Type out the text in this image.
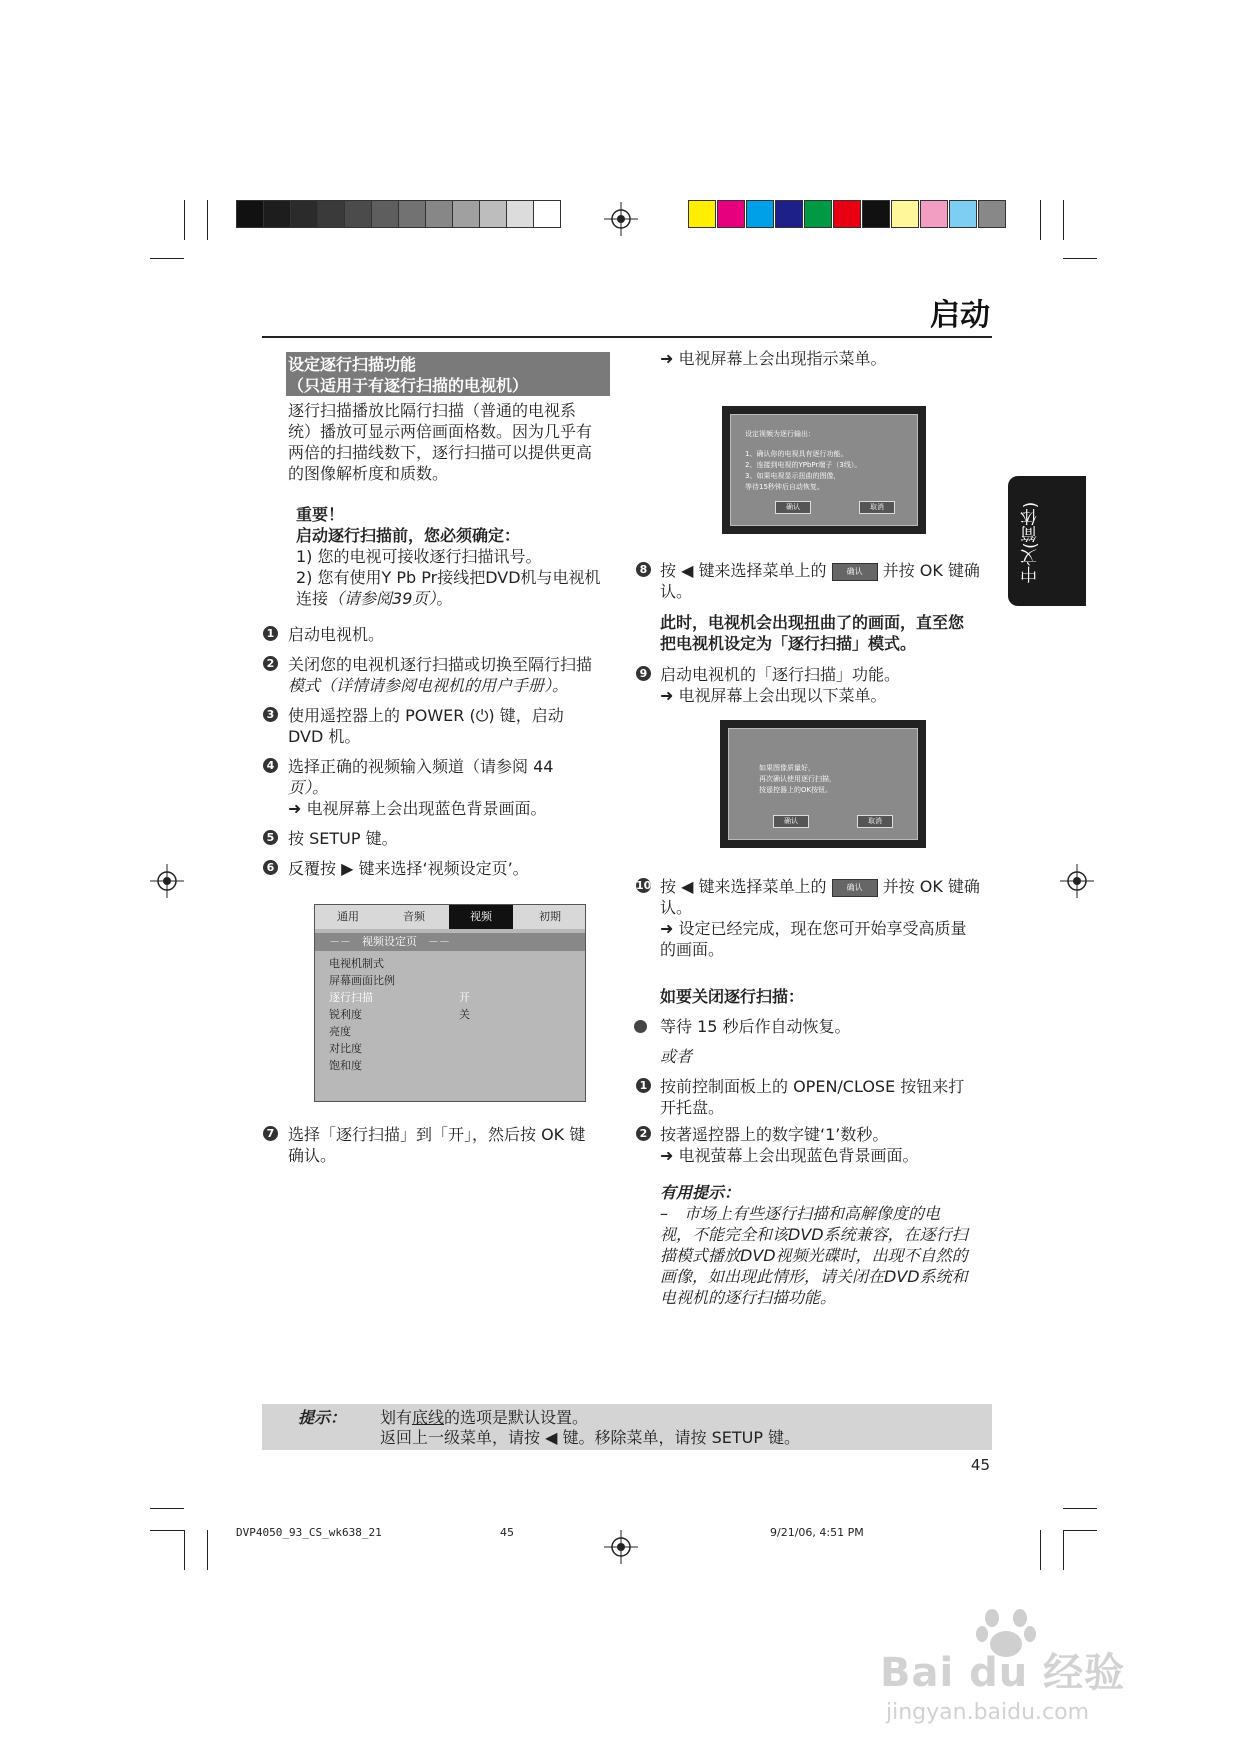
启动
中文(简体)
设定逐行扫描功能
（只适用于有逐行扫描的电视机）
逐行扫描播放比隔行扫描（普通的电视系
统）播放可显示两倍画面格数。因为几乎有
两倍的扫描线数下，逐行扫描可以提供更高
的图像解析度和质数。
重要！
启动逐行扫描前，您必须确定：
1) 您的电视可接收逐行扫描讯号。
2) 您有使用Y Pb Pr接线把DVD机与电视机
连接（请参阅39页）。
1 启动电视机。
2 关闭您的电视机逐行扫描或切换至隔行扫描
模式（详情请参阅电视机的用户手册）。
3 使用遥控器上的 POWER (⏻) 键，启动
DVD 机。
4 选择正确的视频输入频道（请参阅 44
页）。
➜ 电视屏幕上会出现蓝色背景画面。
5 按 SETUP 键。
6 反覆按 ▶ 键来选择‘视频设定页’。
通用	音频	视频	初期
－－　视频设定页　－－
电视机制式
屏幕画面比例
逐行扫描
锐利度
亮度
对比度
饱和度
开
关
7 选择「逐行扫描」到「开」，然后按 OK 键
确认。
➜ 电视屏幕上会出现指示菜单。
设定视频为逐行输出：
1、确认你的电视具有逐行功能。
2、连接到电视的YPbPr端子（3线）。
3、如果电视显示扭曲的图像，
等待15秒钟后自动恢复。
确认	取消
8 按 ◀ 键来选择菜单上的	确认 并按 OK 键确
认。
此时，电视机会出现扭曲了的画面，直至您
把电视机设定为「逐行扫描」模式。
9 启动电视机的「逐行扫描」功能。
➜ 电视屏幕上会出现以下菜单。
如果图像质量好，
再次确认使用逐行扫描，
按遥控器上的OK按钮。
确认	取消
10 按 ◀ 键来选择菜单上的	确认 并按 OK 键确
认。
➜ 设定已经完成，现在您可开始享受高质量
的画面。
如要关闭逐行扫描：
等待 15 秒后作自动恢复。
或者
1 按前控制面板上的 OPEN/CLOSE 按钮来打
开托盘。
2 按著遥控器上的数字键‘1’数秒。
➜ 电视萤幕上会出现蓝色背景画面。
有用提示：
–　市场上有些逐行扫描和高解像度的电
视，不能完全和该DVD系统兼容，在逐行扫
描模式播放DVD视频光碟时，出现不自然的
画像，如出现此情形，请关闭在DVD系统和
电视机的逐行扫描功能。
提示： 划有底线的选项是默认设置。
返回上一级菜单，请按 ◀ 键。移除菜单，请按 SETUP 键。
45
DVP4050_93_CS_wk638_21	45	9/21/06, 4:51 PM
Bai du 经验
jingyan.baidu.com
